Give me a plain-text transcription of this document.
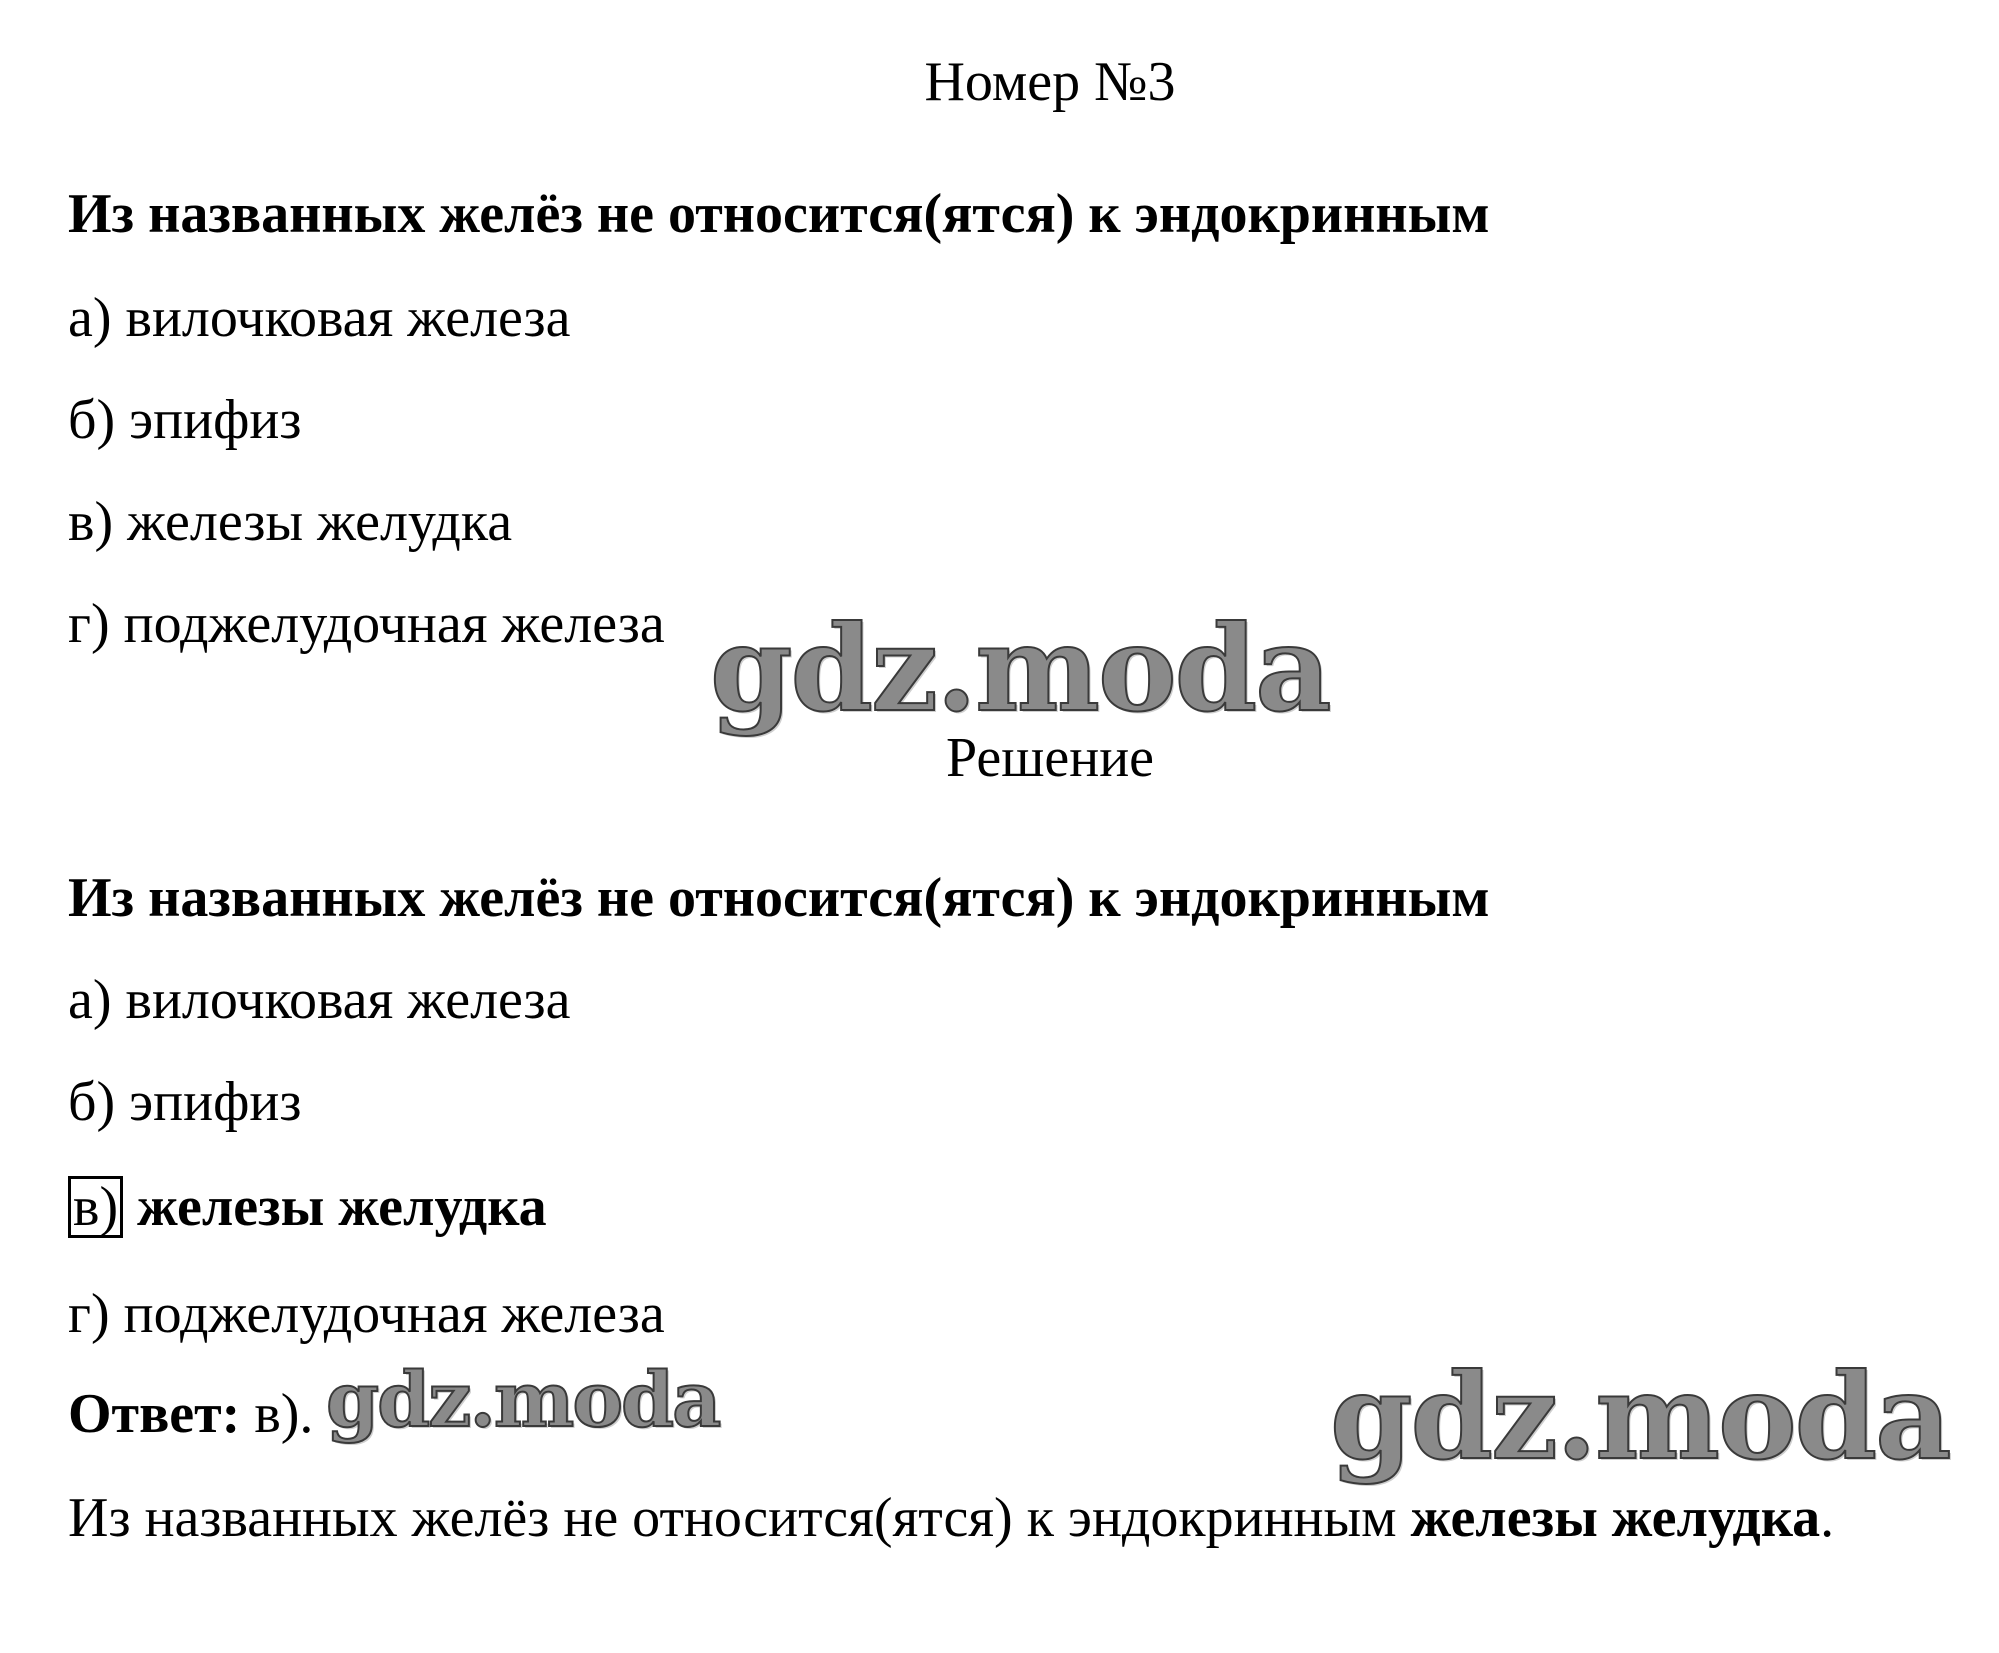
Номер №3
Из названных желёз не относится(ятся) к эндокринным
а) вилочковая железа
б) эпифиз
в) железы желудка
г) поджелудочная железа gdz.moda
Решение
Из названных желёз не относится(ятся) к эндокринным
а) вилочковая железа
б) эпифиз
в) железы желудка
г) поджелудочная железа
Ответ: в). gdz.moda	gdz.moda
Из названных желёз не относится(ятся) к эндокринным железы желудка.
